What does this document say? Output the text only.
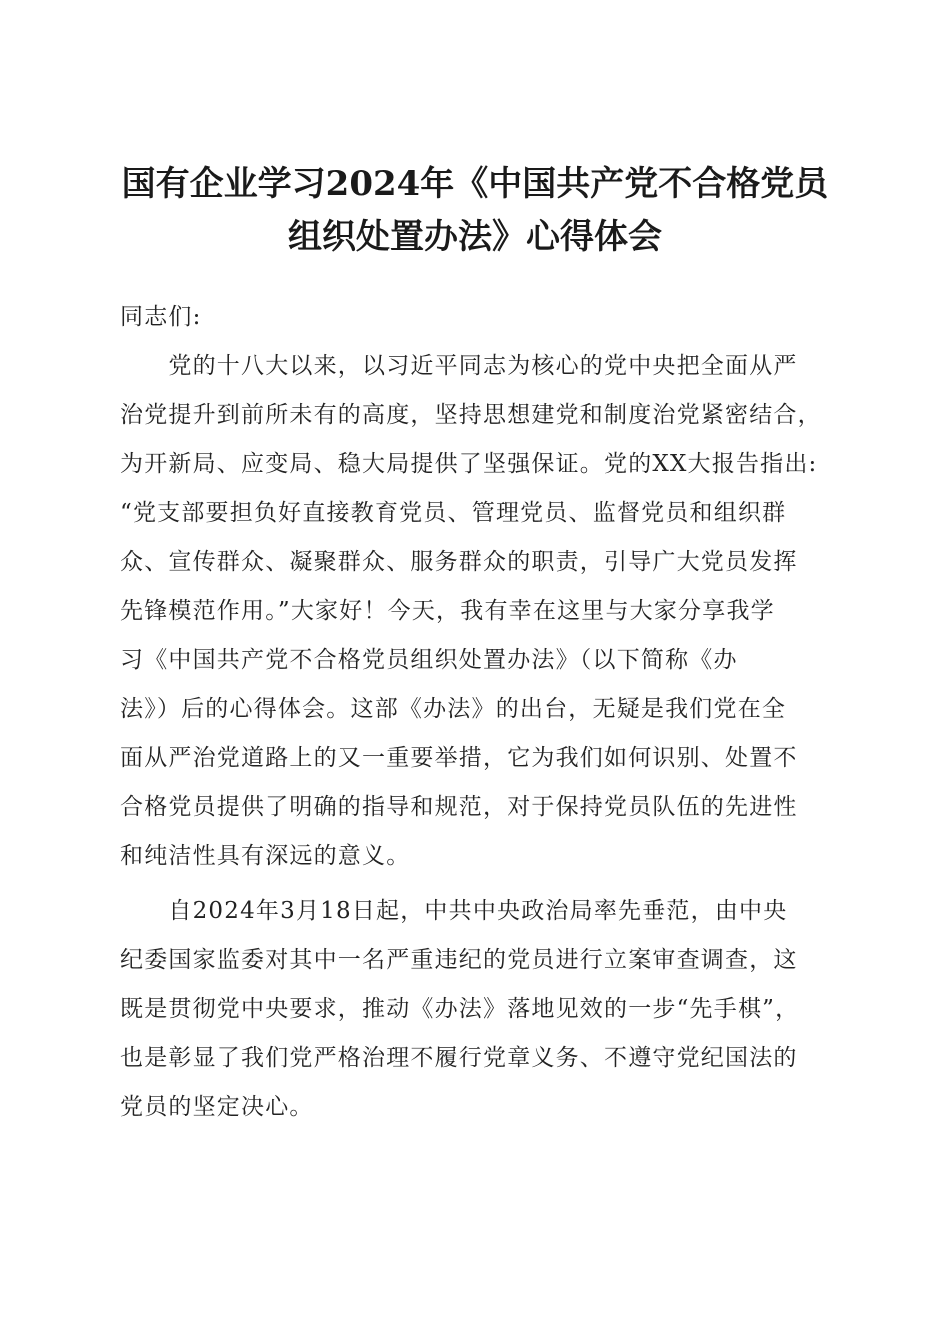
国有企业学习2024年《中国共产党不合格党员
组织处置办法》心得体会
同志们:
　　党的十八大以来，以习近平同志为核心的党中央把全面从严
治党提升到前所未有的高度，坚持思想建党和制度治党紧密结合，
为开新局、应变局、稳大局提供了坚强保证。党的XX大报告指出:
“党支部要担负好直接教育党员、管理党员、监督党员和组织群
众、宣传群众、凝聚群众、服务群众的职责，引导广大党员发挥
先锋模范作用。”大家好！今天，我有幸在这里与大家分享我学
习《中国共产党不合格党员组织处置办法》（以下简称《办
法》）后的心得体会。这部《办法》的出台，无疑是我们党在全
面从严治党道路上的又一重要举措，它为我们如何识别、处置不
合格党员提供了明确的指导和规范，对于保持党员队伍的先进性
和纯洁性具有深远的意义。
　　自2024年3月18日起，中共中央政治局率先垂范，由中央
纪委国家监委对其中一名严重违纪的党员进行立案审查调查，这
既是贯彻党中央要求，推动《办法》落地见效的一步“先手棋”，
也是彰显了我们党严格治理不履行党章义务、不遵守党纪国法的
党员的坚定决心。
